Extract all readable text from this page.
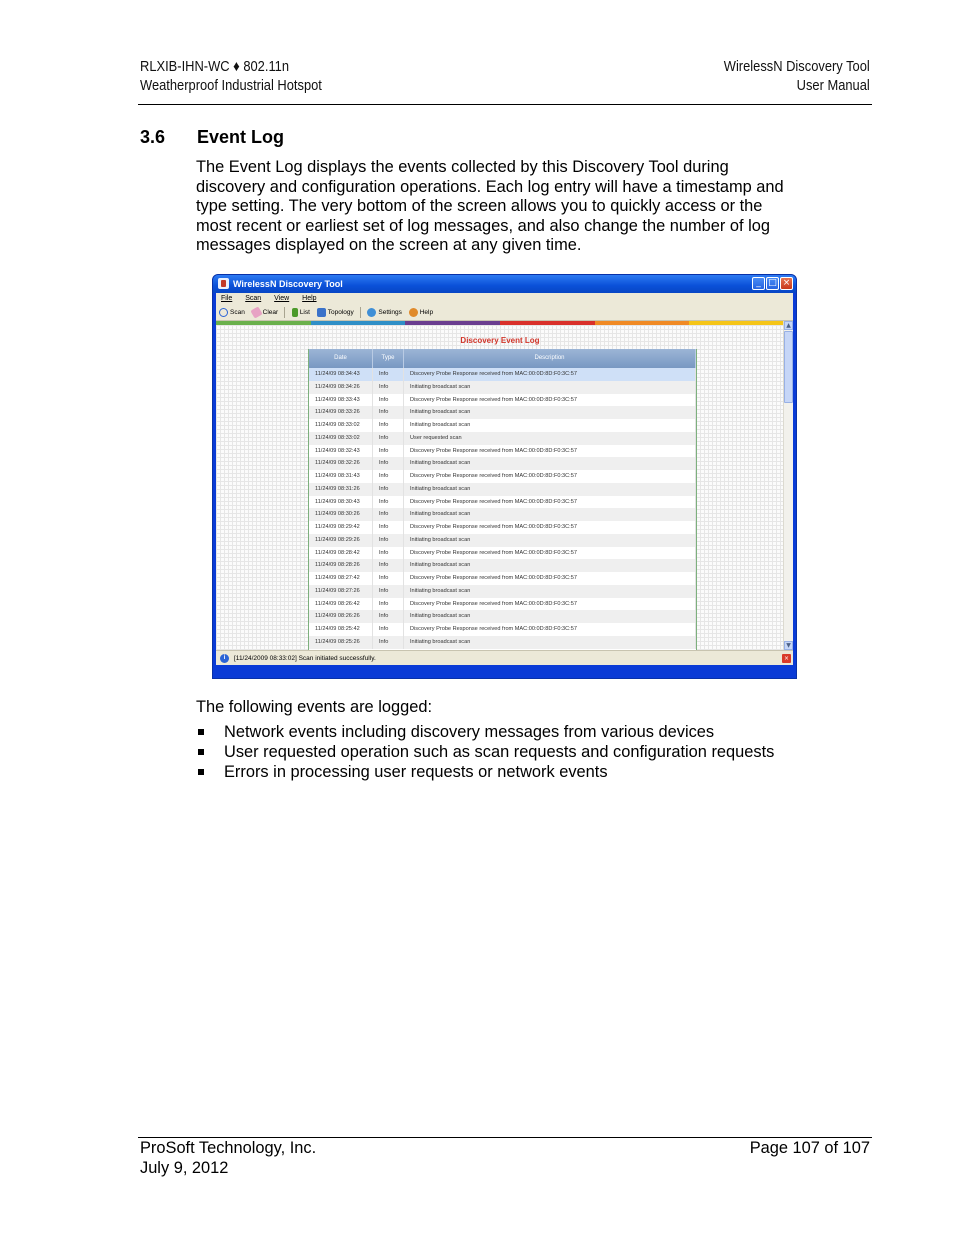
RLXIB-IHN-WC ♦ 802.11n
Weatherproof Industrial Hotspot
WirelessN Discovery Tool
User Manual
3.6 Event Log
The Event Log displays the events collected by this Discovery Tool during
discovery and configuration operations. Each log entry will have a timestamp and
type setting. The very bottom of the screen allows you to quickly access or the
most recent or earliest set of log messages, and also change the number of log
messages displayed on the screen at any given time.
WirelessN Discovery Tool	_ □ ×
File Scan View Help
Scan	Clear	List	Topology	Settings	Help
Discovery Event Log
Date	Type	Description
11/24/09 08:34:43	Info	Discovery Probe Response received from MAC:00:0D:8D:F0:3C:57
11/24/09 08:34:26	Info	Initiating broadcast scan
11/24/09 08:33:43	Info	Discovery Probe Response received from MAC:00:0D:8D:F0:3C:57
11/24/09 08:33:26	Info	Initiating broadcast scan
11/24/09 08:33:02	Info	Initiating broadcast scan
11/24/09 08:33:02	Info	User requested scan
11/24/09 08:32:43	Info	Discovery Probe Response received from MAC:00:0D:8D:F0:3C:57
11/24/09 08:32:26	Info	Initiating broadcast scan
11/24/09 08:31:43	Info	Discovery Probe Response received from MAC:00:0D:8D:F0:3C:57
11/24/09 08:31:26	Info	Initiating broadcast scan
11/24/09 08:30:43	Info	Discovery Probe Response received from MAC:00:0D:8D:F0:3C:57
11/24/09 08:30:26	Info	Initiating broadcast scan
11/24/09 08:29:42	Info	Discovery Probe Response received from MAC:00:0D:8D:F0:3C:57
11/24/09 08:29:26	Info	Initiating broadcast scan
11/24/09 08:28:42	Info	Discovery Probe Response received from MAC:00:0D:8D:F0:3C:57
11/24/09 08:28:26	Info	Initiating broadcast scan
11/24/09 08:27:42	Info	Discovery Probe Response received from MAC:00:0D:8D:F0:3C:57
11/24/09 08:27:26	Info	Initiating broadcast scan
11/24/09 08:26:42	Info	Discovery Probe Response received from MAC:00:0D:8D:F0:3C:57
11/24/09 08:26:26	Info	Initiating broadcast scan
11/24/09 08:25:42	Info	Discovery Probe Response received from MAC:00:0D:8D:F0:3C:57
11/24/09 08:25:26	Info	Initiating broadcast scan
▲
▼
i	[11/24/2009 08:33:02] Scan initiated successfully.	×
The following events are logged:
Network events including discovery messages from various devices
User requested operation such as scan requests and configuration requests
Errors in processing user requests or network events
ProSoft Technology, Inc.
July 9, 2012
Page 107 of 107
